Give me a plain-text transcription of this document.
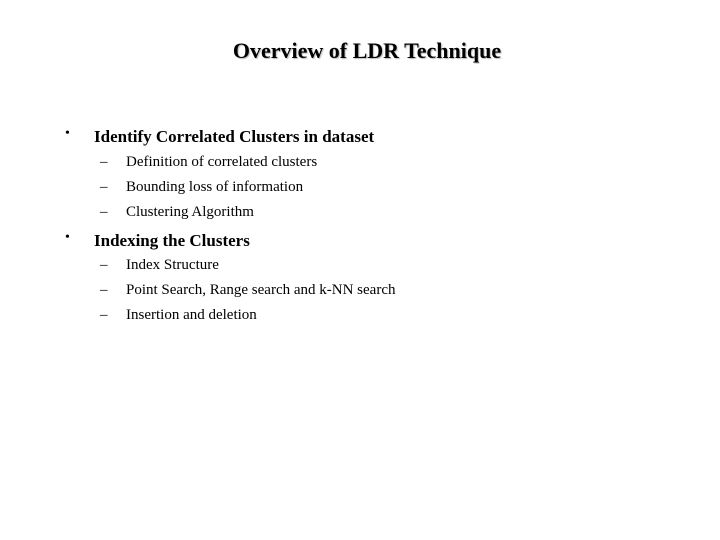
Overview of LDR Technique
• Identify Correlated Clusters in dataset
– Definition of correlated clusters
– Bounding loss of information
– Clustering Algorithm
• Indexing the Clusters
– Index Structure
– Point Search, Range search and k-NN search
– Insertion and deletion
